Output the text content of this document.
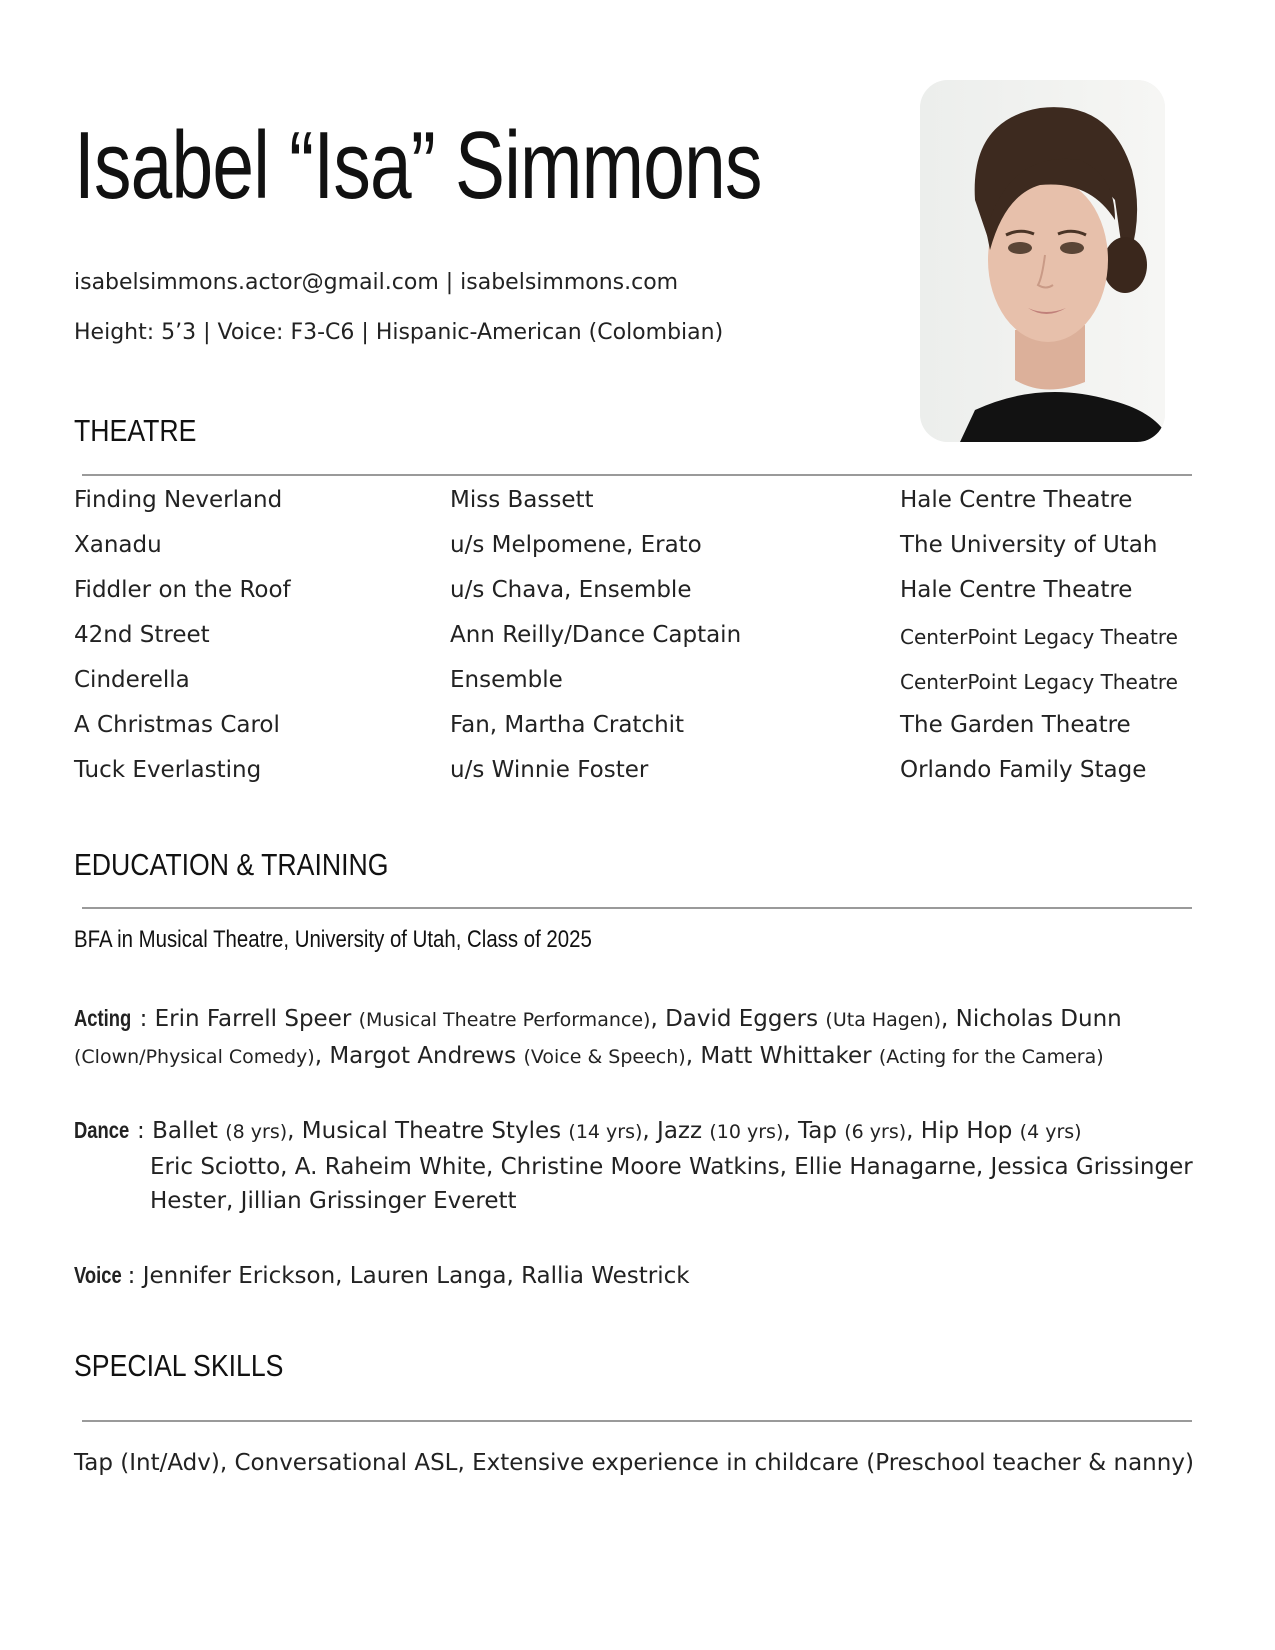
Isabel “Isa” Simmons
isabelsimmons.actor@gmail.com | isabelsimmons.com
Height: 5’3 | Voice: F3-C6 | Hispanic-American (Colombian)
THEATRE
Finding Neverland	Miss Bassett	Hale Centre Theatre
Xanadu	u/s Melpomene, Erato	The University of Utah
Fiddler on the Roof	u/s Chava, Ensemble	Hale Centre Theatre
42nd Street	Ann Reilly/Dance Captain	CenterPoint Legacy Theatre
Cinderella	Ensemble	CenterPoint Legacy Theatre
A Christmas Carol	Fan, Martha Cratchit	The Garden Theatre
Tuck Everlasting	u/s Winnie Foster	Orlando Family Stage
EDUCATION & TRAINING
BFA in Musical Theatre, University of Utah, Class of 2025
Acting : Erin Farrell Speer (Musical Theatre Performance), David Eggers (Uta Hagen), Nicholas Dunn (Clown/Physical Comedy), Margot Andrews (Voice & Speech), Matt Whittaker (Acting for the Camera)
Dance : Ballet (8 yrs), Musical Theatre Styles (14 yrs), Jazz (10 yrs), Tap (6 yrs), Hip Hop (4 yrs)
Eric Sciotto, A. Raheim White, Christine Moore Watkins, Ellie Hanagarne, Jessica Grissinger Hester, Jillian Grissinger Everett
Voice : Jennifer Erickson, Lauren Langa, Rallia Westrick
SPECIAL SKILLS
Tap (Int/Adv), Conversational ASL, Extensive experience in childcare (Preschool teacher & nanny)
